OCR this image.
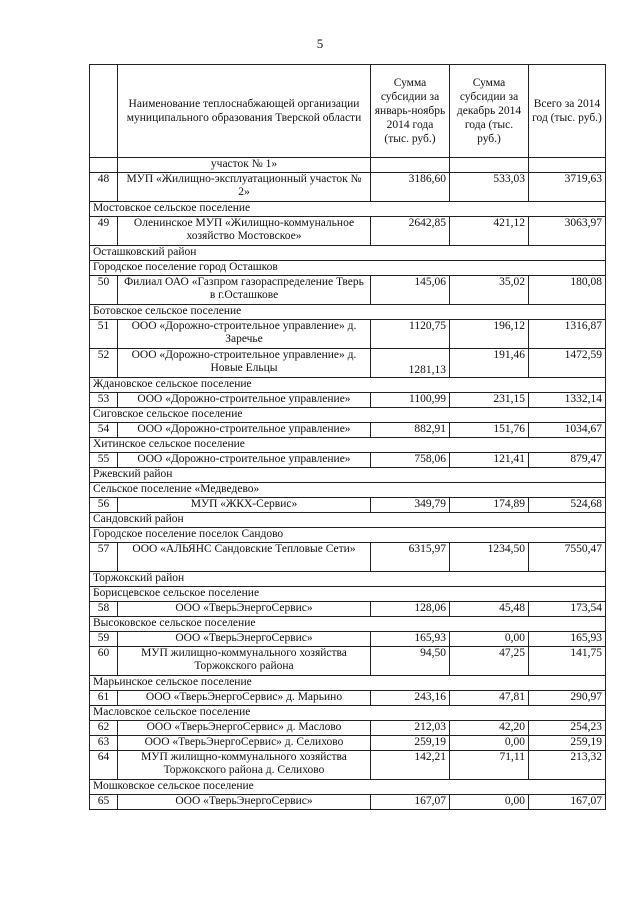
5
	Наименование теплоснабжающей организации муниципального образования Тверской области	Сумма субсидии за январь-ноябрь 2014 года (тыс. руб.)	Сумма субсидии за декабрь 2014 года (тыс. руб.)	Всего за 2014 год (тыс. руб.)
	участок № 1»			
48	МУП «Жилищно-эксплуатационный участок № 2»	3186,60	533,03	3719,63
Мостовское сельское поселение				
49	Оленинское МУП «Жилищно-коммунальное хозяйство Мостовское»	2642,85	421,12	3063,97
Осташковский район				
Городское поселение город Осташков				
50	Филиал ОАО «Газпром газораспределение Тверь в г.Осташкове	145,06	35,02	180,08
Ботовское сельское поселение				
51	ООО «Дорожно-строительное управление» д. Заречье	1120,75	196,12	1316,87
52	ООО «Дорожно-строительное управление» д. Новые Ельцы	1281,13	191,46	1472,59
Ждановское сельское поселение				
53	ООО «Дорожно-строительное управление»	1100,99	231,15	1332,14
Сиговское сельское поселение				
54	ООО «Дорожно-строительное управление»	882,91	151,76	1034,67
Хитинское сельское поселение				
55	ООО «Дорожно-строительное управление»	758,06	121,41	879,47
Ржевский район				
Сельское поселение «Медведево»				
56	МУП «ЖКХ-Сервис»	349,79	174,89	524,68
Сандовский район				
Городское поселение поселок Сандово				
57	ООО «АЛЬЯНС Сандовские Тепловые Сети»	6315,97	1234,50	7550,47
Торжокский район				
Борисцевское сельское поселение				
58	ООО «ТверьЭнергоСервис»	128,06	45,48	173,54
Высоковское сельское поселение				
59	ООО «ТверьЭнергоСервис»	165,93	0,00	165,93
60	МУП жилищно-коммунального хозяйства Торжокского района	94,50	47,25	141,75
Марьинское сельское поселение				
61	ООО «ТверьЭнергоСервис» д. Марьино	243,16	47,81	290,97
Масловское сельское поселение				
62	ООО «ТверьЭнергоСервис» д. Маслово	212,03	42,20	254,23
63	ООО «ТверьЭнергоСервис» д. Селихово	259,19	0,00	259,19
64	МУП жилищно-коммунального хозяйства Торжокского района д. Селихово	142,21	71,11	213,32
Мошковское сельское поселение				
65	ООО «ТверьЭнергоСервис»	167,07	0,00	167,07
